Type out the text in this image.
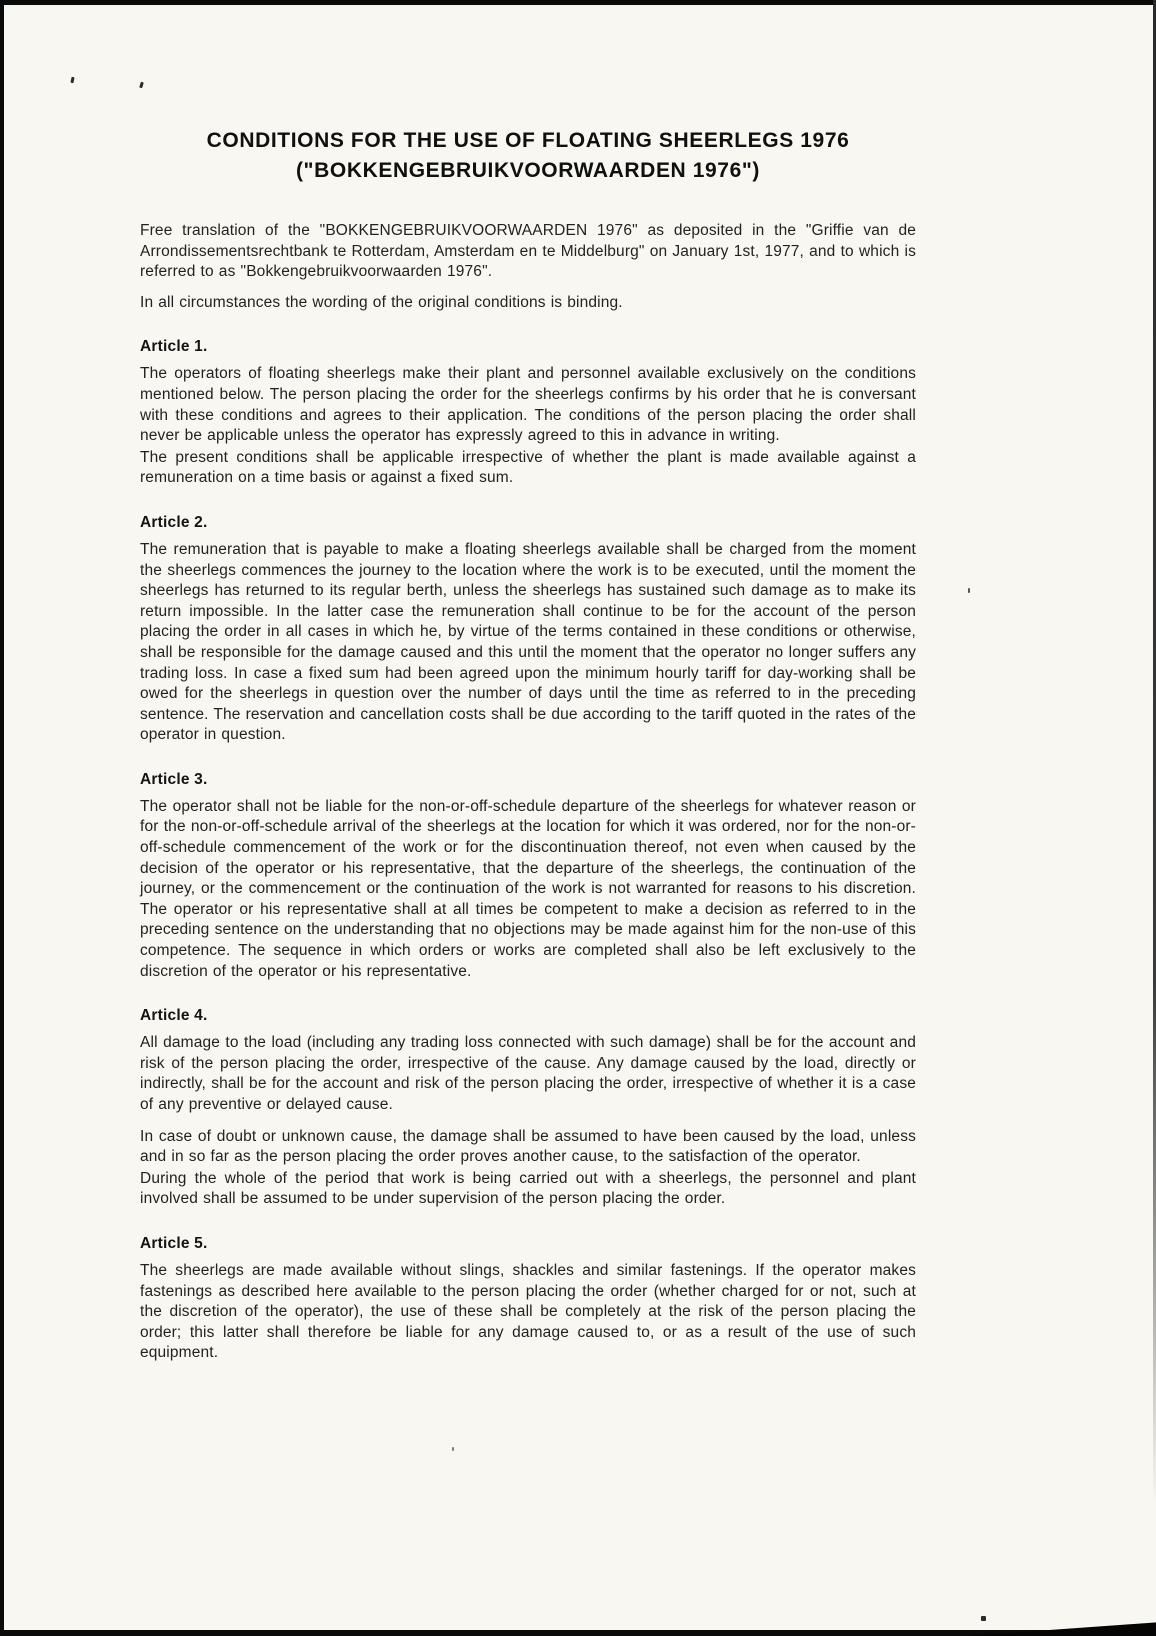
CONDITIONS FOR THE USE OF FLOATING SHEERLEGS 1976
("BOKKENGEBRUIKVOORWAARDEN 1976")

Free translation of the "BOKKENGEBRUIKVOORWAARDEN 1976" as deposited in the "Griffie van de Arrondissementsrechtbank te Rotterdam, Amsterdam en te Middelburg" on January 1st, 1977, and to which is referred to as "Bokkengebruikvoorwaarden 1976".

In all circumstances the wording of the original conditions is binding.

Article 1.

The operators of floating sheerlegs make their plant and personnel available exclusively on the conditions mentioned below. The person placing the order for the sheerlegs confirms by his order that he is conversant with these conditions and agrees to their application. The conditions of the person placing the order shall never be applicable unless the operator has expressly agreed to this in advance in writing.

The present conditions shall be applicable irrespective of whether the plant is made available against a remuneration on a time basis or against a fixed sum.

Article 2.

The remuneration that is payable to make a floating sheerlegs available shall be charged from the moment the sheerlegs commences the journey to the location where the work is to be executed, until the moment the sheerlegs has returned to its regular berth, unless the sheerlegs has sustained such damage as to make its return impossible. In the latter case the remuneration shall continue to be for the account of the person placing the order in all cases in which he, by virtue of the terms contained in these conditions or otherwise, shall be responsible for the damage caused and this until the moment that the operator no longer suffers any trading loss. In case a fixed sum had been agreed upon the minimum hourly tariff for day-working shall be owed for the sheerlegs in question over the number of days until the time as referred to in the preceding sentence. The reservation and cancellation costs shall be due according to the tariff quoted in the rates of the operator in question.

Article 3.

The operator shall not be liable for the non-or-off-schedule departure of the sheerlegs for whatever reason or for the non-or-off-schedule arrival of the sheerlegs at the location for which it was ordered, nor for the non-or-off-schedule commencement of the work or for the discontinuation thereof, not even when caused by the decision of the operator or his representative, that the departure of the sheerlegs, the continuation of the journey, or the commencement or the continuation of the work is not warranted for reasons to his discretion. The operator or his representative shall at all times be competent to make a decision as referred to in the preceding sentence on the understanding that no objections may be made against him for the non-use of this competence. The sequence in which orders or works are completed shall also be left exclusively to the discretion of the operator or his representative.

Article 4.

All damage to the load (including any trading loss connected with such damage) shall be for the account and risk of the person placing the order, irrespective of the cause. Any damage caused by the load, directly or indirectly, shall be for the account and risk of the person placing the order, irrespective of whether it is a case of any preventive or delayed cause.

In case of doubt or unknown cause, the damage shall be assumed to have been caused by the load, unless and in so far as the person placing the order proves another cause, to the satisfaction of the operator.

During the whole of the period that work is being carried out with a sheerlegs, the personnel and plant involved shall be assumed to be under supervision of the person placing the order.

Article 5.

The sheerlegs are made available without slings, shackles and similar fastenings. If the operator makes fastenings as described here available to the person placing the order (whether charged for or not, such at the discretion of the operator), the use of these shall be completely at the risk of the person placing the order; this latter shall therefore be liable for any damage caused to, or as a result of the use of such equipment.
